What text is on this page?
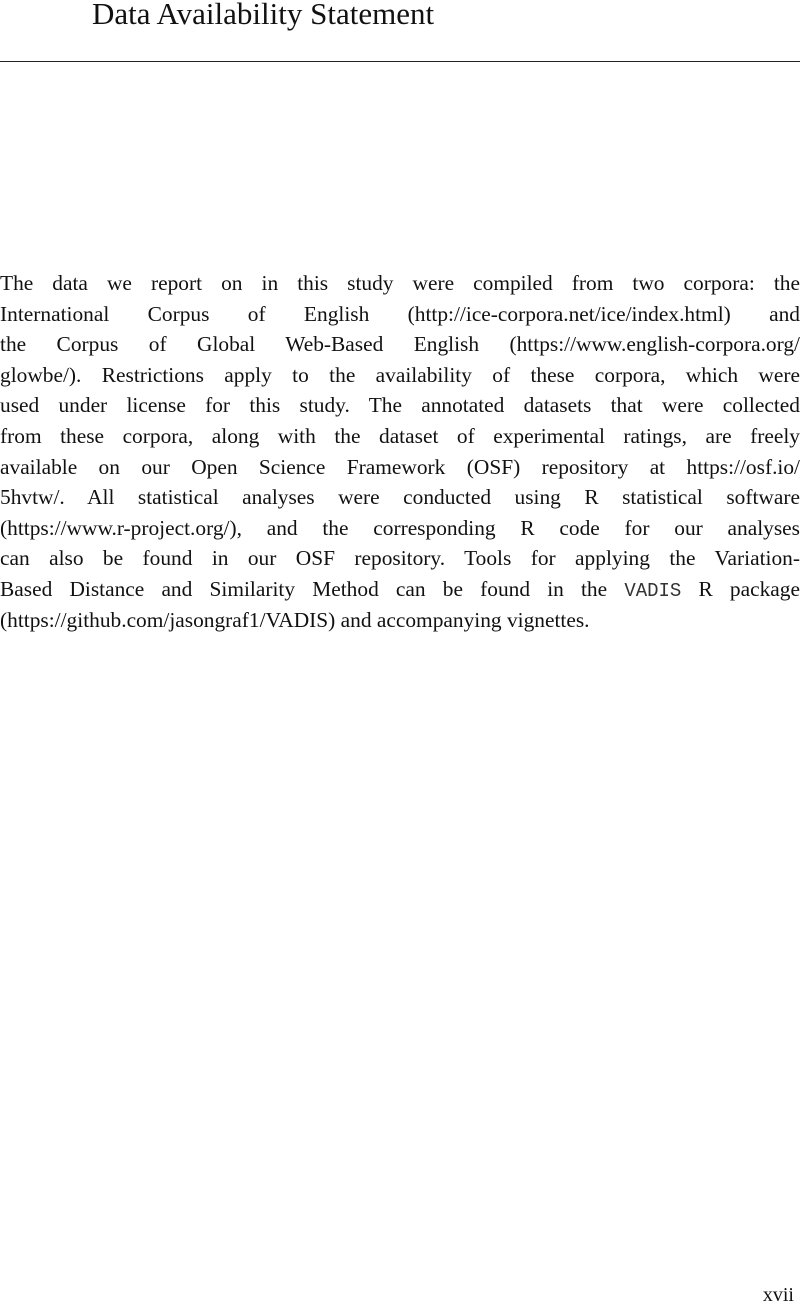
Data Availability Statement
The data we report on in this study were compiled from two corpora: the
International Corpus of English (http://ice-corpora.net/ice/index.html) and
the Corpus of Global Web-Based English (https://www.english-corpora.org/
glowbe/). Restrictions apply to the availability of these corpora, which were
used under license for this study. The annotated datasets that were collected
from these corpora, along with the dataset of experimental ratings, are freely
available on our Open Science Framework (OSF) repository at https://osf.io/
5hvtw/. All statistical analyses were conducted using R statistical software
(https://www.r-project.org/), and the corresponding R code for our analyses
can also be found in our OSF repository. Tools for applying the Variation-
Based Distance and Similarity Method can be found in the VADIS R package
(https://github.com/jasongraf1/VADIS) and accompanying vignettes.
xvii
